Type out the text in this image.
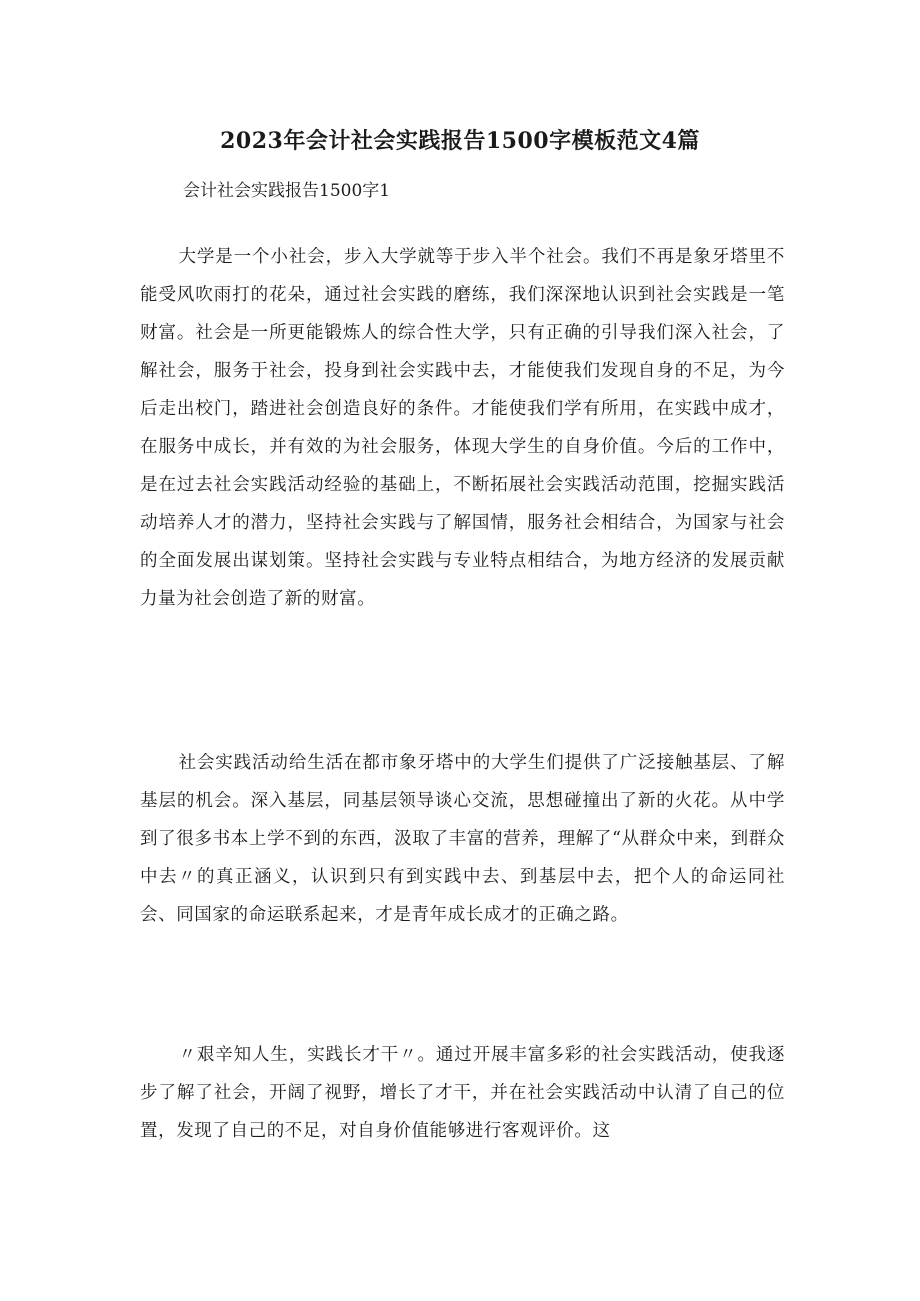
2023年会计社会实践报告1500字模板范文4篇

会计社会实践报告1500字1

大学是一个小社会，步入大学就等于步入半个社会。我们不再是象牙塔里不能受风吹雨打的花朵，通过社会实践的磨练，我们深深地认识到社会实践是一笔财富。社会是一所更能锻炼人的综合性大学，只有正确的引导我们深入社会，了解社会，服务于社会，投身到社会实践中去，才能使我们发现自身的不足，为今后走出校门，踏进社会创造良好的条件。才能使我们学有所用，在实践中成才，在服务中成长，并有效的为社会服务，体现大学生的自身价值。今后的工作中，是在过去社会实践活动经验的基础上，不断拓展社会实践活动范围，挖掘实践活动培养人才的潜力，坚持社会实践与了解国情，服务社会相结合，为国家与社会的全面发展出谋划策。坚持社会实践与专业特点相结合，为地方经济的发展贡献力量为社会创造了新的财富。

社会实践活动给生活在都市象牙塔中的大学生们提供了广泛接触基层、了解基层的机会。深入基层，同基层领导谈心交流，思想碰撞出了新的火花。从中学到了很多书本上学不到的东西，汲取了丰富的营养，理解了“从群众中来，到群众中去〃的真正涵义，认识到只有到实践中去、到基层中去，把个人的命运同社会、同国家的命运联系起来，才是青年成长成才的正确之路。

〃艰辛知人生，实践长才干〃。通过开展丰富多彩的社会实践活动，使我逐步了解了社会，开阔了视野，增长了才干，并在社会实践活动中认清了自己的位置，发现了自己的不足，对自身价值能够进行客观评价。这
